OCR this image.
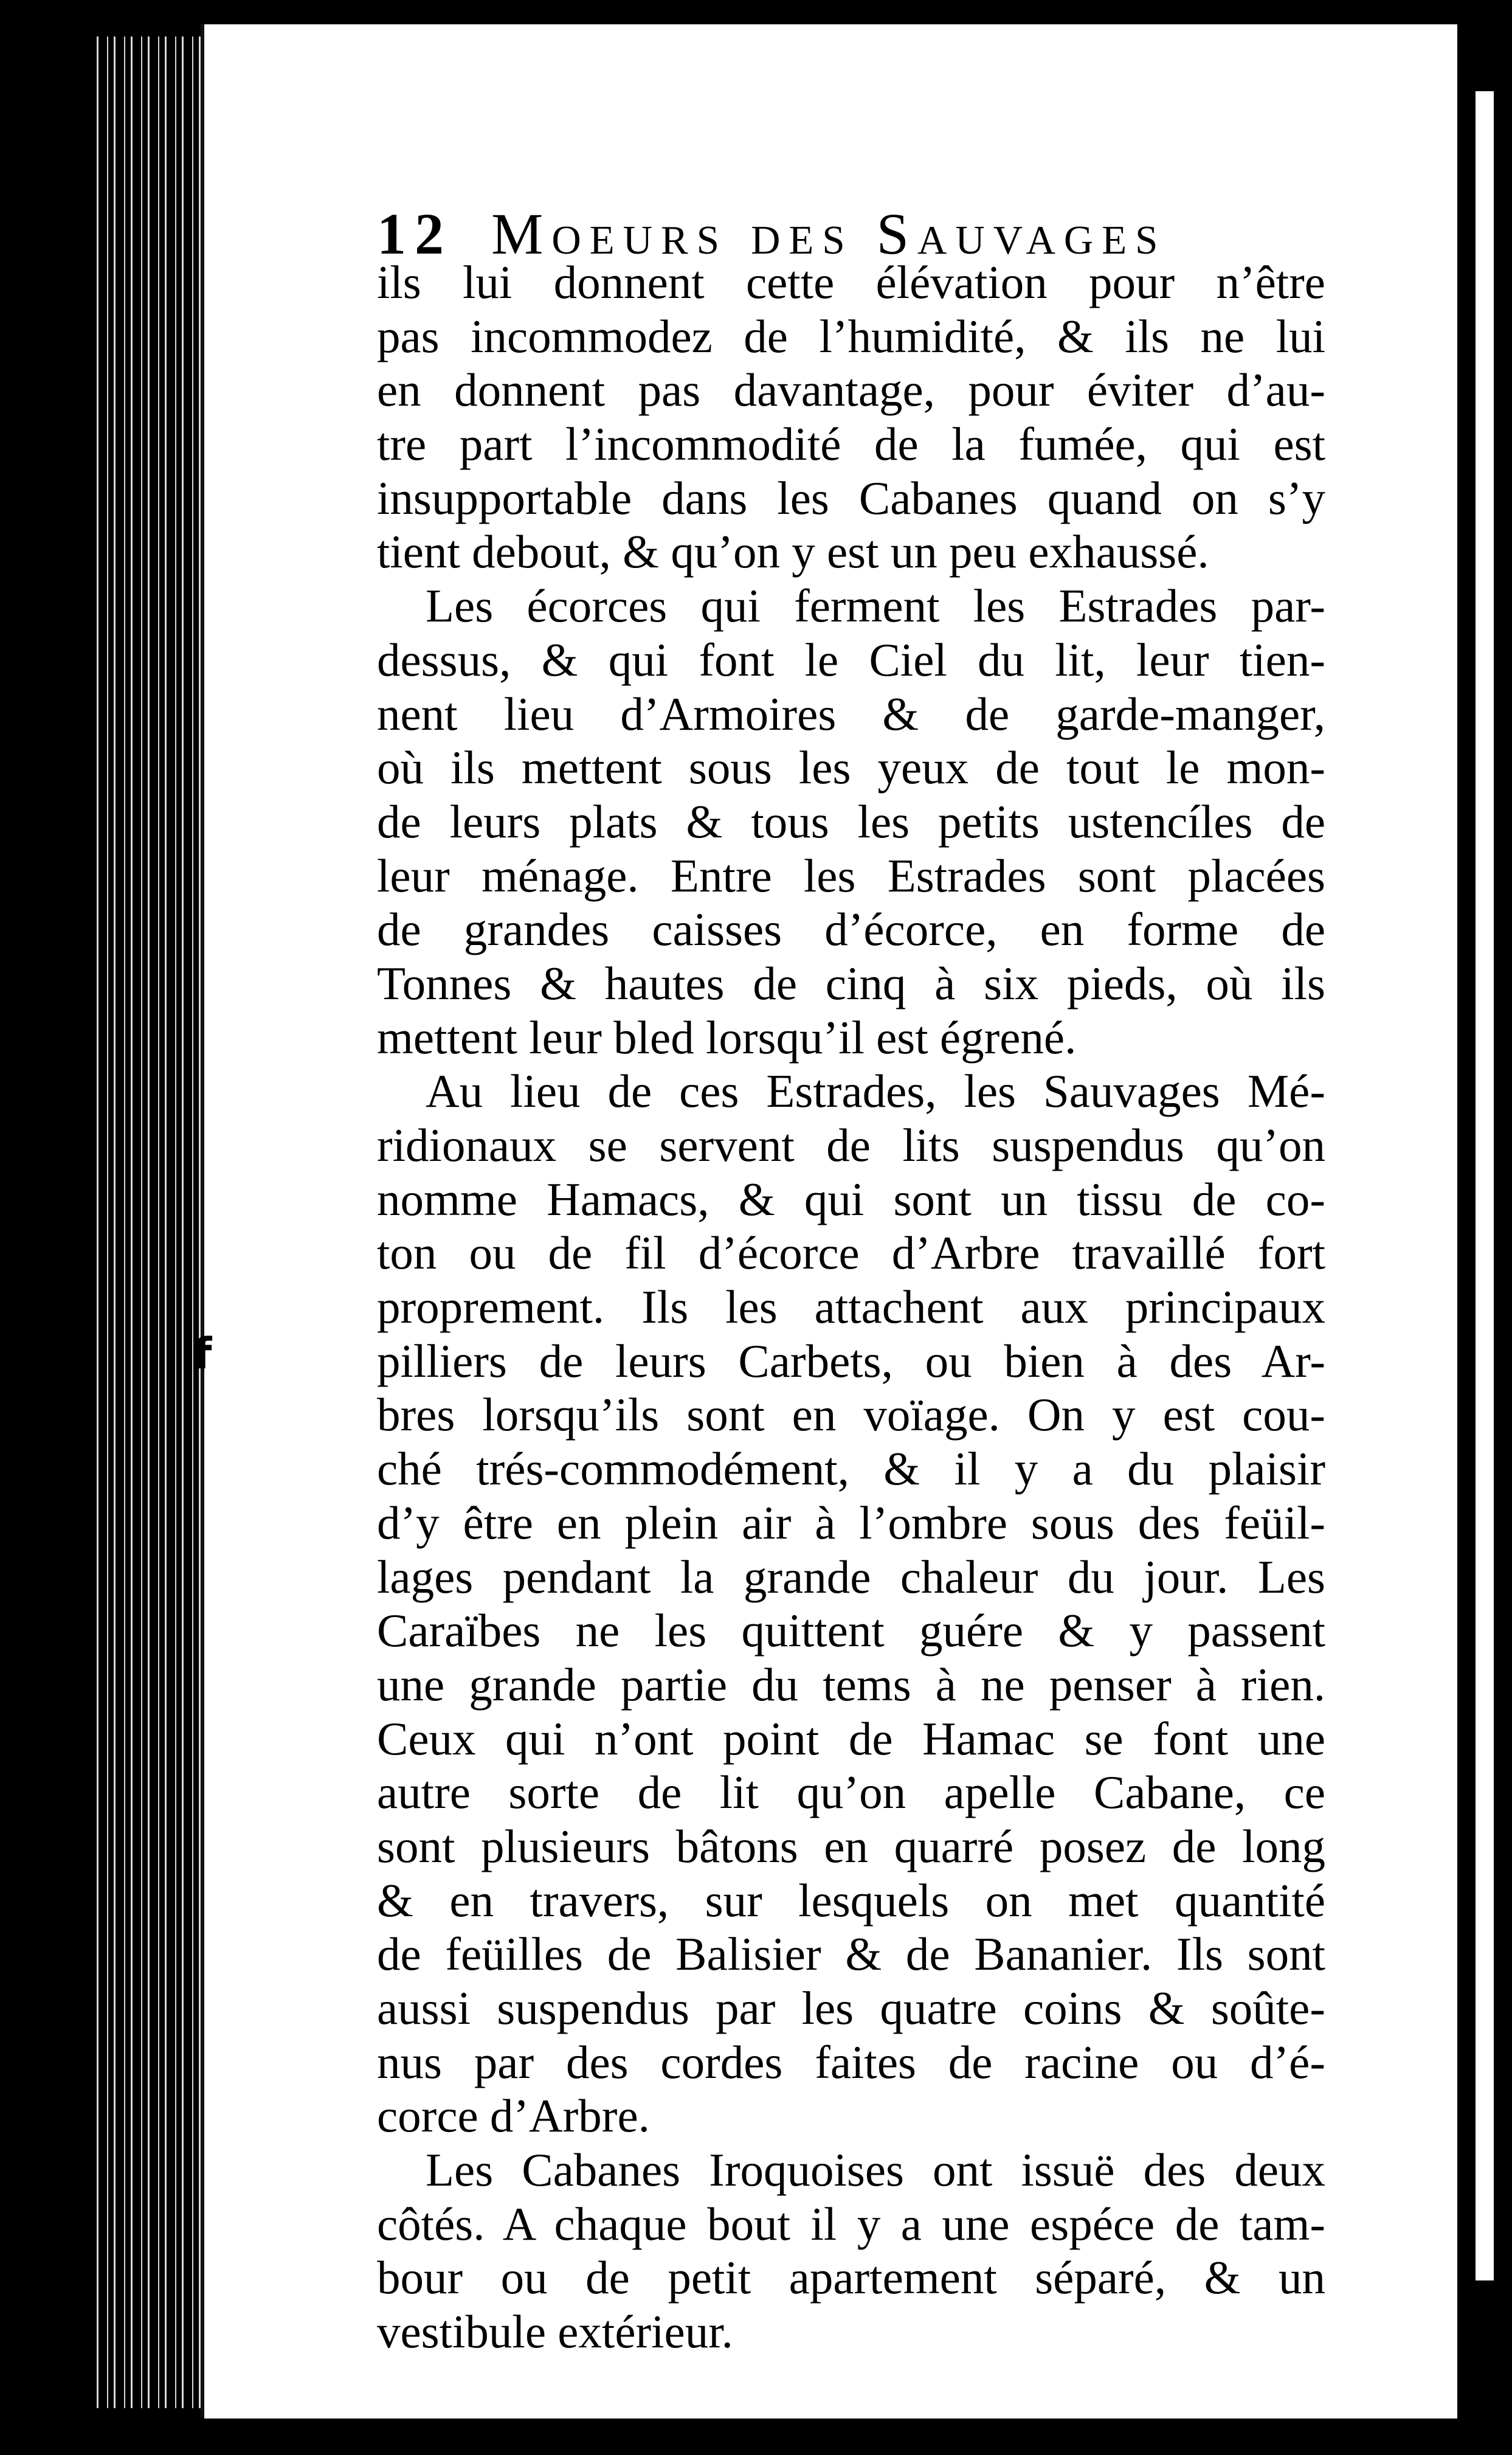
12 Moeurs des Sauvages
ils lui donnent cette élévation pour n’être
pas incommodez de l’humidité, & ils ne lui
en donnent pas davantage, pour éviter d’au-
tre part l’incommodité de la fumée, qui est
insupportable dans les Cabanes quand on s’y
tient debout, & qu’on y est un peu exhaussé.
Les écorces qui ferment les Estrades par-
dessus, & qui font le Ciel du lit, leur tien-
nent lieu d’Armoires & de garde-manger,
où ils mettent sous les yeux de tout le mon-
de leurs plats & tous les petits ustencíles de
leur ménage. Entre les Estrades sont placées
de grandes caisses d’écorce, en forme de
Tonnes & hautes de cinq à six pieds, où ils
mettent leur bled lorsqu’il est égrené.
Au lieu de ces Estrades, les Sauvages Mé-
ridionaux se servent de lits suspendus qu’on
nomme Hamacs, & qui sont un tissu de co-
ton ou de fil d’écorce d’Arbre travaillé fort
proprement. Ils les attachent aux principaux
pilliers de leurs Carbets, ou bien à des Ar-
bres lorsqu’ils sont en voïage. On y est cou-
ché trés-commodément, & il y a du plaisir
d’y être en plein air à l’ombre sous des feüil-
lages pendant la grande chaleur du jour. Les
Caraïbes ne les quittent guére & y passent
une grande partie du tems à ne penser à rien.
Ceux qui n’ont point de Hamac se font une
autre sorte de lit qu’on apelle Cabane, ce
sont plusieurs bâtons en quarré posez de long
& en travers, sur lesquels on met quantité
de feüilles de Balisier & de Bananier. Ils sont
aussi suspendus par les quatre coins & soûte-
nus par des cordes faites de racine ou d’é-
corce d’Arbre.
Les Cabanes Iroquoises ont issuë des deux
côtés. A chaque bout il y a une espéce de tam-
bour ou de petit apartement séparé, & un
vestibule extérieur.
f
